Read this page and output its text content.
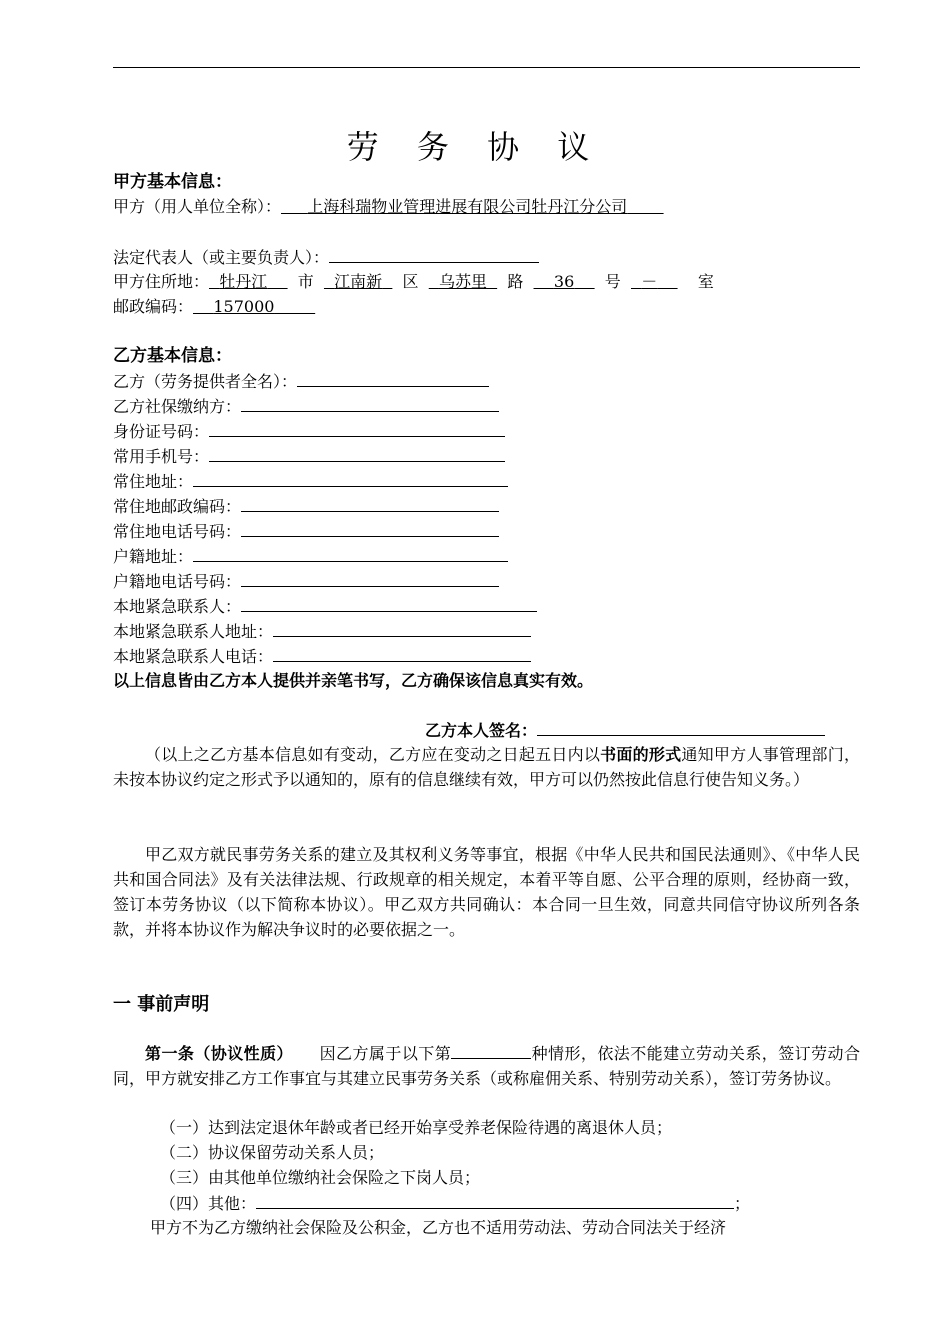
劳 务 协 议
甲方基本信息：
甲方（用人单位全称）：   上海科瑞物业管理进展有限公司牡丹江分公司   
法定代表人（或主要负责人）：
甲方住所地：  牡丹江    市   江南新   区   乌苏里   路    36    号   －    	室
邮政编码：   157000    
乙方基本信息：
乙方（劳务提供者全名）：
乙方社保缴纳方：
身份证号码：
常用手机号：
常住地址：
常住地邮政编码：
常住地电话号码：
户籍地址：
户籍地电话号码：
本地紧急联系人：
本地紧急联系人地址：
本地紧急联系人电话：
以上信息皆由乙方本人提供并亲笔书写，乙方确保该信息真实有效。
乙方本人签名：
（以上之乙方基本信息如有变动，乙方应在变动之日起五日内以书面的形式通知甲方人事管理部门，未按本协议约定之形式予以通知的，原有的信息继续有效，甲方可以仍然按此信息行使告知义务。）
甲乙双方就民事劳务关系的建立及其权利义务等事宜，根据《中华人民共和国民法通则》、《中华人民共和国合同法》及有关法律法规、行政规章的相关规定，本着平等自愿、公平合理的原则，经协商一致，签订本劳务协议（以下简称本协议）。甲乙双方共同确认：本合同一旦生效，同意共同信守协议所列各条款，并将本协议作为解决争议时的必要依据之一。
一 事前声明
第一条（协议性质）   因乙方属于以下第	种情形，依法不能建立劳动关系，签订劳动合同，甲方就安排乙方工作事宜与其建立民事劳务关系（或称雇佣关系、特别劳动关系），签订劳务协议。
（一）达到法定退休年龄或者已经开始享受养老保险待遇的离退休人员；
（二）协议保留劳动关系人员；
（三）由其他单位缴纳社会保险之下岗人员；
（四）其他：	；
甲方不为乙方缴纳社会保险及公积金，乙方也不适用劳动法、劳动合同法关于经济
